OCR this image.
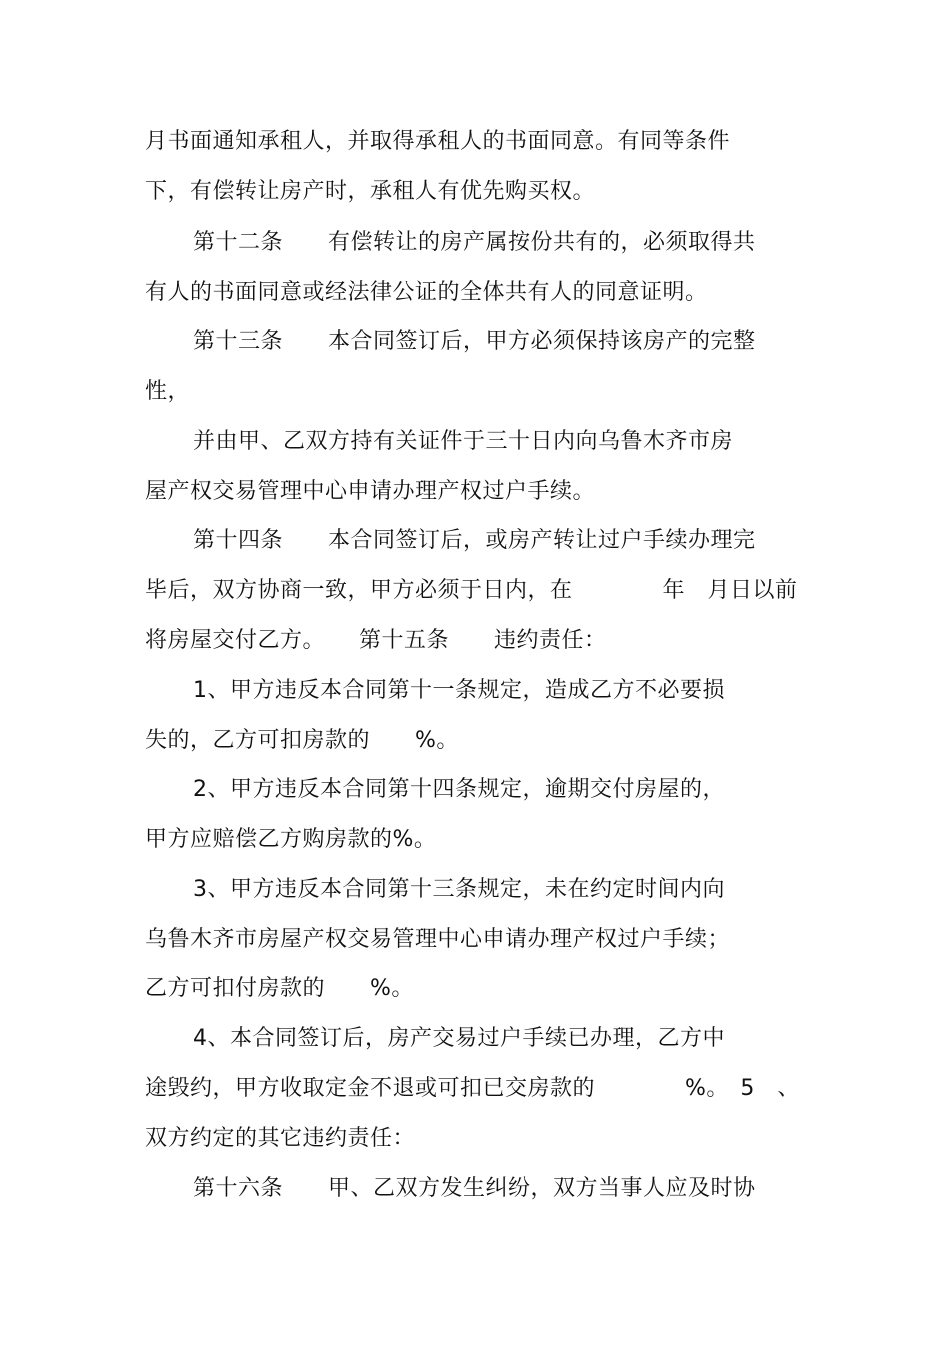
月书面通知承租人，并取得承租人的书面同意。有同等条件
下，有偿转让房产时，承租人有优先购买权。
第十二条　　有偿转让的房产属按份共有的，必须取得共
有人的书面同意或经法律公证的全体共有人的同意证明。
第十三条　　本合同签订后，甲方必须保持该房产的完整
性，
并由甲、乙双方持有关证件于三十日内向乌鲁木齐市房
屋产权交易管理中心申请办理产权过户手续。
第十四条　　本合同签订后，或房产转让过户手续办理完
毕后，双方协商一致，甲方必须于日内，在　　　　年　月日以前
将房屋交付乙方。　　第十五条　　违约责任：
1、甲方违反本合同第十一条规定，造成乙方不必要损
失的，乙方可扣房款的　　%。
2、甲方违反本合同第十四条规定，逾期交付房屋的，
甲方应赔偿乙方购房款的%。
3、甲方违反本合同第十三条规定，未在约定时间内向
乌鲁木齐市房屋产权交易管理中心申请办理产权过户手续；
乙方可扣付房款的　　%。
4、本合同签订后，房产交易过户手续已办理，乙方中
途毁约，甲方收取定金不退或可扣已交房款的　　　　%。　5　、
双方约定的其它违约责任：
第十六条　　甲、乙双方发生纠纷，双方当事人应及时协
